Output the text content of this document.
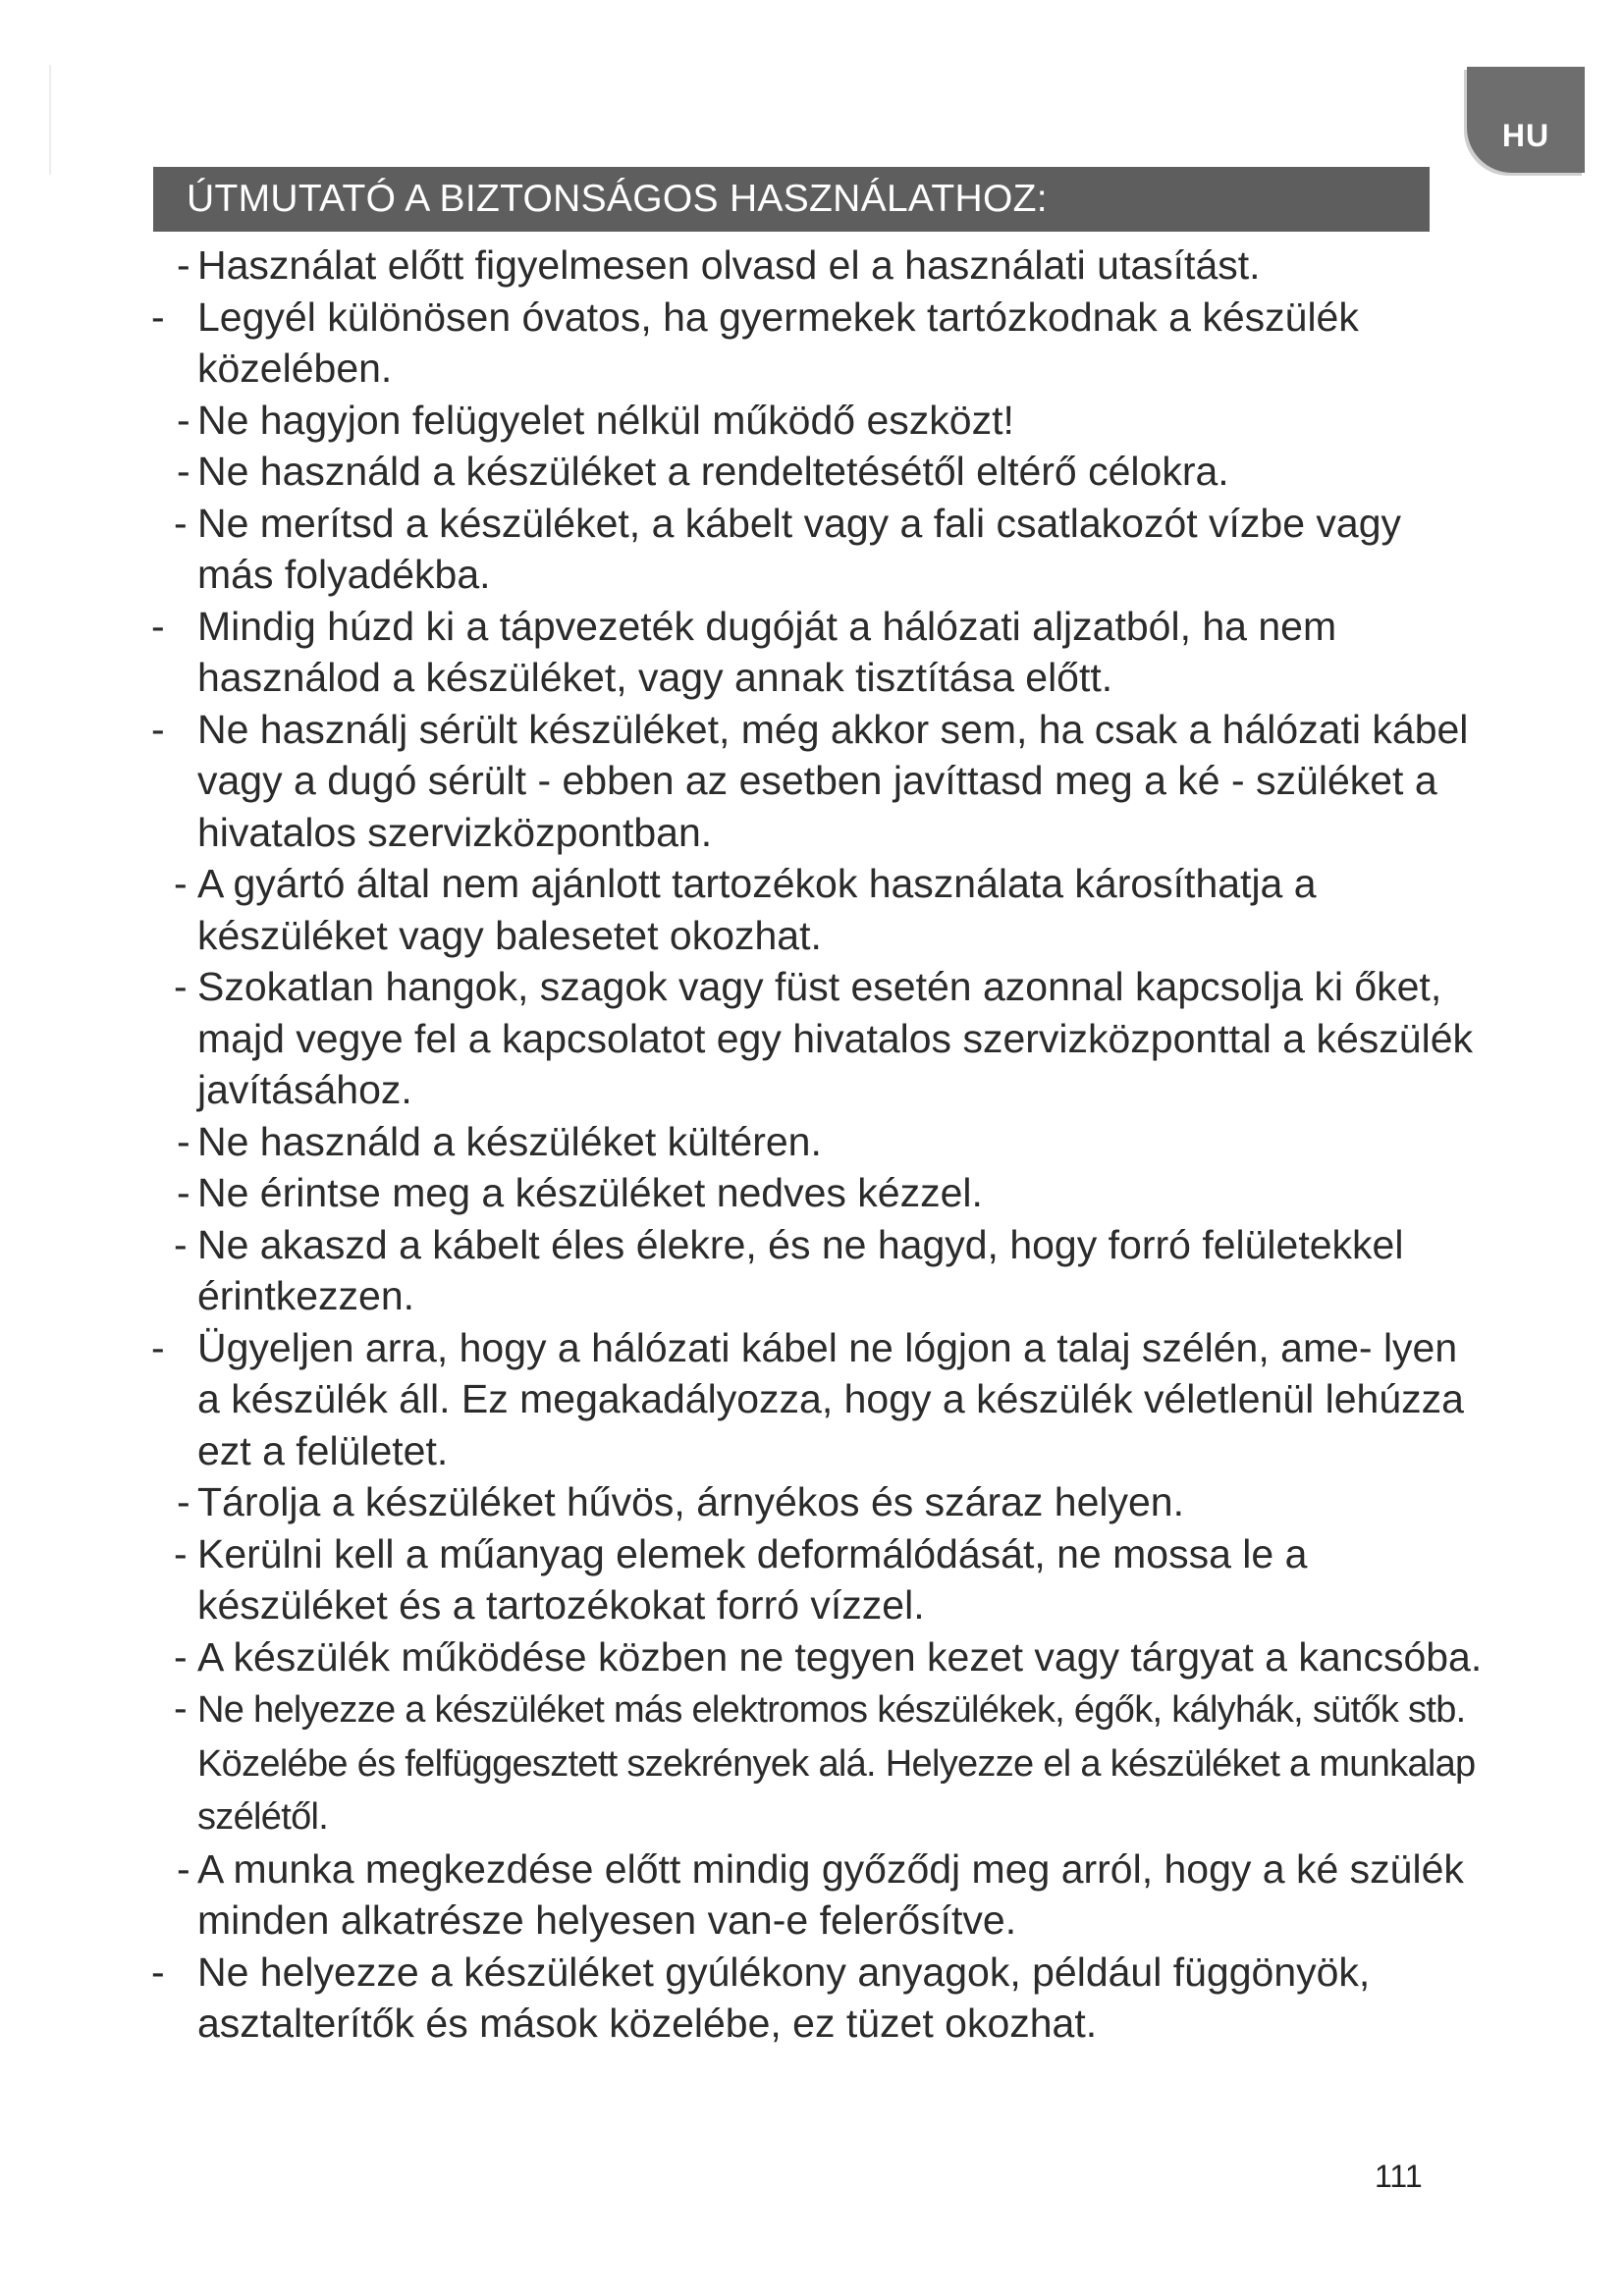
HU
ÚTMUTATÓ A BIZTONSÁGOS HASZNÁLATHOZ:
- Használat előtt figyelmesen olvasd el a használati utasítást.
- Legyél különösen óvatos, ha gyermekek tartózkodnak a készülék közelében.
- Ne hagyjon felügyelet nélkül működő eszközt!
- Ne használd a készüléket a rendeltetésétől eltérő célokra.
- Ne merítsd a készüléket, a kábelt vagy a fali csatlakozót vízbe vagy más folyadékba.
- Mindig húzd ki a tápvezeték dugóját a hálózati aljzatból, ha nem használod a készüléket, vagy annak tisztítása előtt.
- Ne használj sérült készüléket, még akkor sem, ha csak a hálózati kábel vagy a dugó sérült - ebben az esetben javíttasd meg a ké - szüléket a hivatalos szervizközpontban.
- A gyártó által nem ajánlott tartozékok használata károsíthatja a készüléket vagy balesetet okozhat.
- Szokatlan hangok, szagok vagy füst esetén azonnal kapcsolja ki őket, majd vegye fel a kapcsolatot egy hivatalos szervizközponttal a készülék javításához.
- Ne használd a készüléket kültéren.
- Ne érintse meg a készüléket nedves kézzel.
- Ne akaszd a kábelt éles élekre, és ne hagyd, hogy forró felületekkel érintkezzen.
- Ügyeljen arra, hogy a hálózati kábel ne lógjon a talaj szélén, ame- lyen a készülék áll. Ez megakadályozza, hogy a készülék véletlenül lehúzza ezt a felületet.
- Tárolja a készüléket hűvös, árnyékos és száraz helyen.
- Kerülni kell a műanyag elemek deformálódását, ne mossa le a készüléket és a tartozékokat forró vízzel.
- A készülék működése közben ne tegyen kezet vagy tárgyat a kancsóba.
- Ne helyezze a készüléket más elektromos készülékek, égők, kályhák, sütők stb. Közelébe és felfüggesztett szekrények alá. Helyezze el a készüléket a munkalap szélétől.
- A munka megkezdése előtt mindig győződj meg arról, hogy a ké szülék minden alkatrésze helyesen van-e felerősítve.
- Ne helyezze a készüléket gyúlékony anyagok, például függönyök, asztalterítők és mások közelébe, ez tüzet okozhat.
111
